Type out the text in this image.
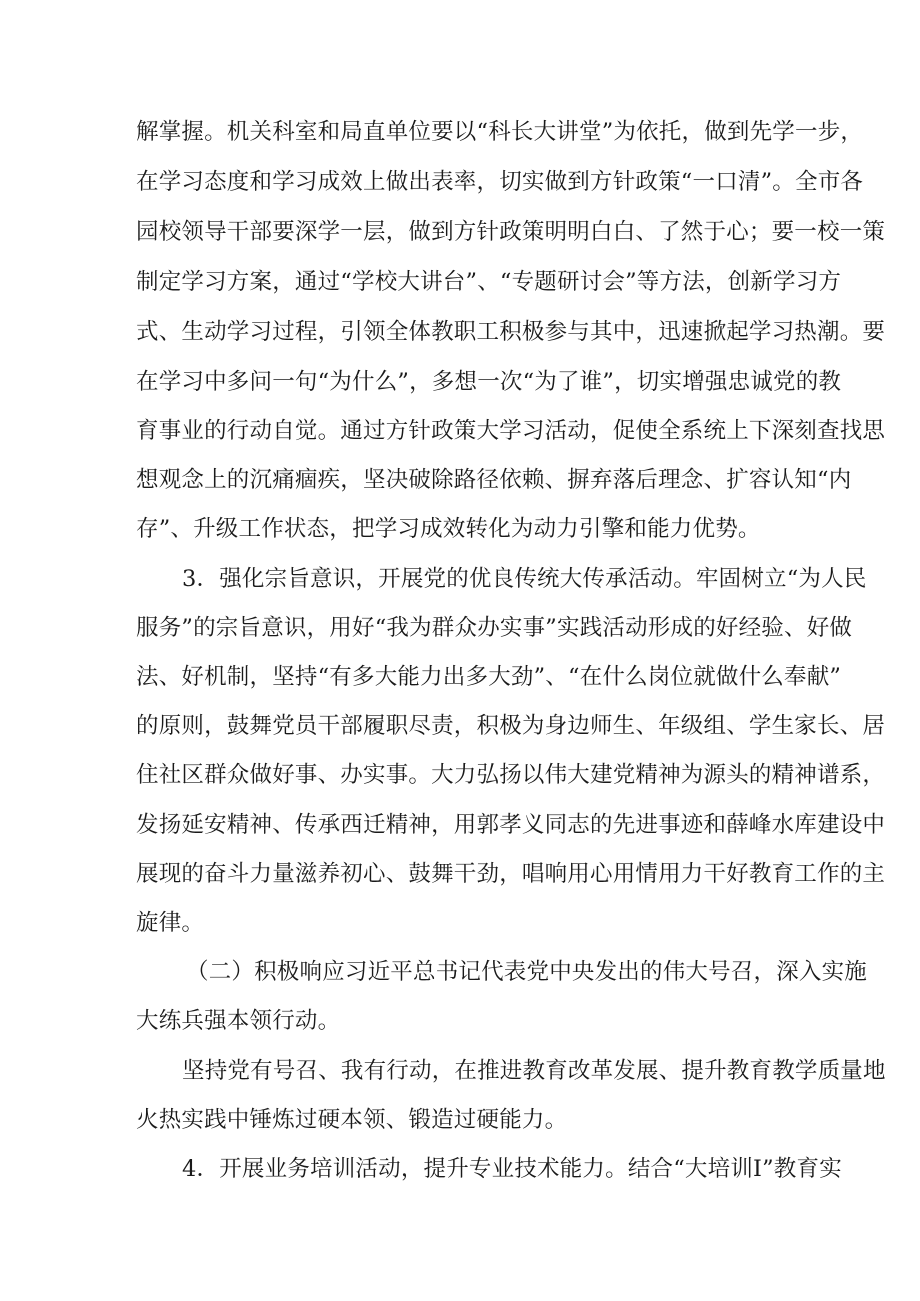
解掌握。机关科室和局直单位要以“科长大讲堂”为依托，做到先学一步，
在学习态度和学习成效上做出表率，切实做到方针政策“一口清”。全市各
园校领导干部要深学一层，做到方针政策明明白白、了然于心；要一校一策
制定学习方案，通过“学校大讲台”、“专题研讨会”等方法，创新学习方
式、生动学习过程，引领全体教职工积极参与其中，迅速掀起学习热潮。要
在学习中多问一句“为什么”，多想一次“为了谁”，切实增强忠诚党的教
育事业的行动自觉。通过方针政策大学习活动，促使全系统上下深刻查找思
想观念上的沉痛痼疾，坚决破除路径依赖、摒弃落后理念、扩容认知“内
存”、升级工作状态，把学习成效转化为动力引擎和能力优势。
3．强化宗旨意识，开展党的优良传统大传承活动。牢固树立“为人民
服务”的宗旨意识，用好“我为群众办实事”实践活动形成的好经验、好做
法、好机制，坚持“有多大能力出多大劲”、“在什么岗位就做什么奉献”
的原则，鼓舞党员干部履职尽责，积极为身边师生、年级组、学生家长、居
住社区群众做好事、办实事。大力弘扬以伟大建党精神为源头的精神谱系，
发扬延安精神、传承西迁精神，用郭孝义同志的先进事迹和薛峰水库建设中
展现的奋斗力量滋养初心、鼓舞干劲，唱响用心用情用力干好教育工作的主
旋律。
（二）积极响应习近平总书记代表党中央发出的伟大号召，深入实施
大练兵强本领行动。
坚持党有号召、我有行动，在推进教育改革发展、提升教育教学质量地
火热实践中锤炼过硬本领、锻造过硬能力。
4．开展业务培训活动，提升专业技术能力。结合“大培训Ⅰ”教育实
